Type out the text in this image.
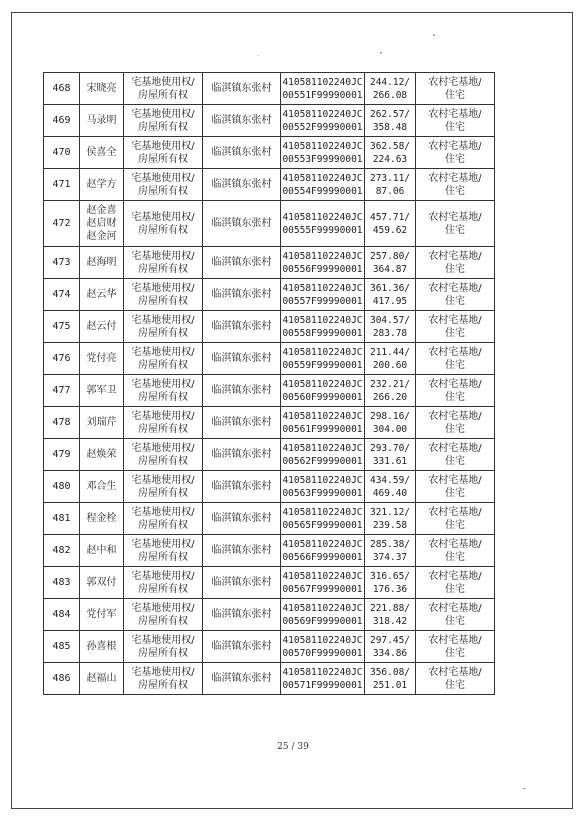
468	宋晓亮	宅基地使用权/
房屋所有权	临淇镇东张村	410581102240JC
00551F99990001	244.12/
266.08	农村宅基地/
住宅

469	马录明	宅基地使用权/
房屋所有权	临淇镇东张村	410581102240JC
00552F99990001	262.57/
358.48	农村宅基地/
住宅

470	侯喜全	宅基地使用权/
房屋所有权	临淇镇东张村	410581102240JC
00553F99990001	362.58/
224.63	农村宅基地/
住宅

471	赵学方	宅基地使用权/
房屋所有权	临淇镇东张村	410581102240JC
00554F99990001	273.11/
87.06	农村宅基地/
住宅

472	赵金喜
赵启财
赵金河	宅基地使用权/
房屋所有权	临淇镇东张村	410581102240JC
00555F99990001	457.71/
459.62	农村宅基地/
住宅

473	赵海明	宅基地使用权/
房屋所有权	临淇镇东张村	410581102240JC
00556F99990001	257.80/
364.87	农村宅基地/
住宅

474	赵云华	宅基地使用权/
房屋所有权	临淇镇东张村	410581102240JC
00557F99990001	361.36/
417.95	农村宅基地/
住宅

475	赵云付	宅基地使用权/
房屋所有权	临淇镇东张村	410581102240JC
00558F99990001	304.57/
283.78	农村宅基地/
住宅

476	党付亮	宅基地使用权/
房屋所有权	临淇镇东张村	410581102240JC
00559F99990001	211.44/
200.60	农村宅基地/
住宅

477	郭军卫	宅基地使用权/
房屋所有权	临淇镇东张村	410581102240JC
00560F99990001	232.21/
266.20	农村宅基地/
住宅

478	刘瑞芹	宅基地使用权/
房屋所有权	临淇镇东张村	410581102240JC
00561F99990001	298.16/
304.00	农村宅基地/
住宅

479	赵焕荣	宅基地使用权/
房屋所有权	临淇镇东张村	410581102240JC
00562F99990001	293.70/
331.61	农村宅基地/
住宅

480	邓合生	宅基地使用权/
房屋所有权	临淇镇东张村	410581102240JC
00563F99990001	434.59/
469.40	农村宅基地/
住宅

481	程金栓	宅基地使用权/
房屋所有权	临淇镇东张村	410581102240JC
00565F99990001	321.12/
239.58	农村宅基地/
住宅

482	赵中和	宅基地使用权/
房屋所有权	临淇镇东张村	410581102240JC
00566F99990001	285.38/
374.37	农村宅基地/
住宅

483	郭双付	宅基地使用权/
房屋所有权	临淇镇东张村	410581102240JC
00567F99990001	316.65/
176.36	农村宅基地/
住宅

484	党付军	宅基地使用权/
房屋所有权	临淇镇东张村	410581102240JC
00569F99990001	221.88/
318.42	农村宅基地/
住宅

485	孙喜根	宅基地使用权/
房屋所有权	临淇镇东张村	410581102240JC
00570F99990001	297.45/
334.86	农村宅基地/
住宅

486	赵福山	宅基地使用权/
房屋所有权	临淇镇东张村	410581102240JC
00571F99990001	356.08/
251.01	农村宅基地/
住宅
25 / 39
